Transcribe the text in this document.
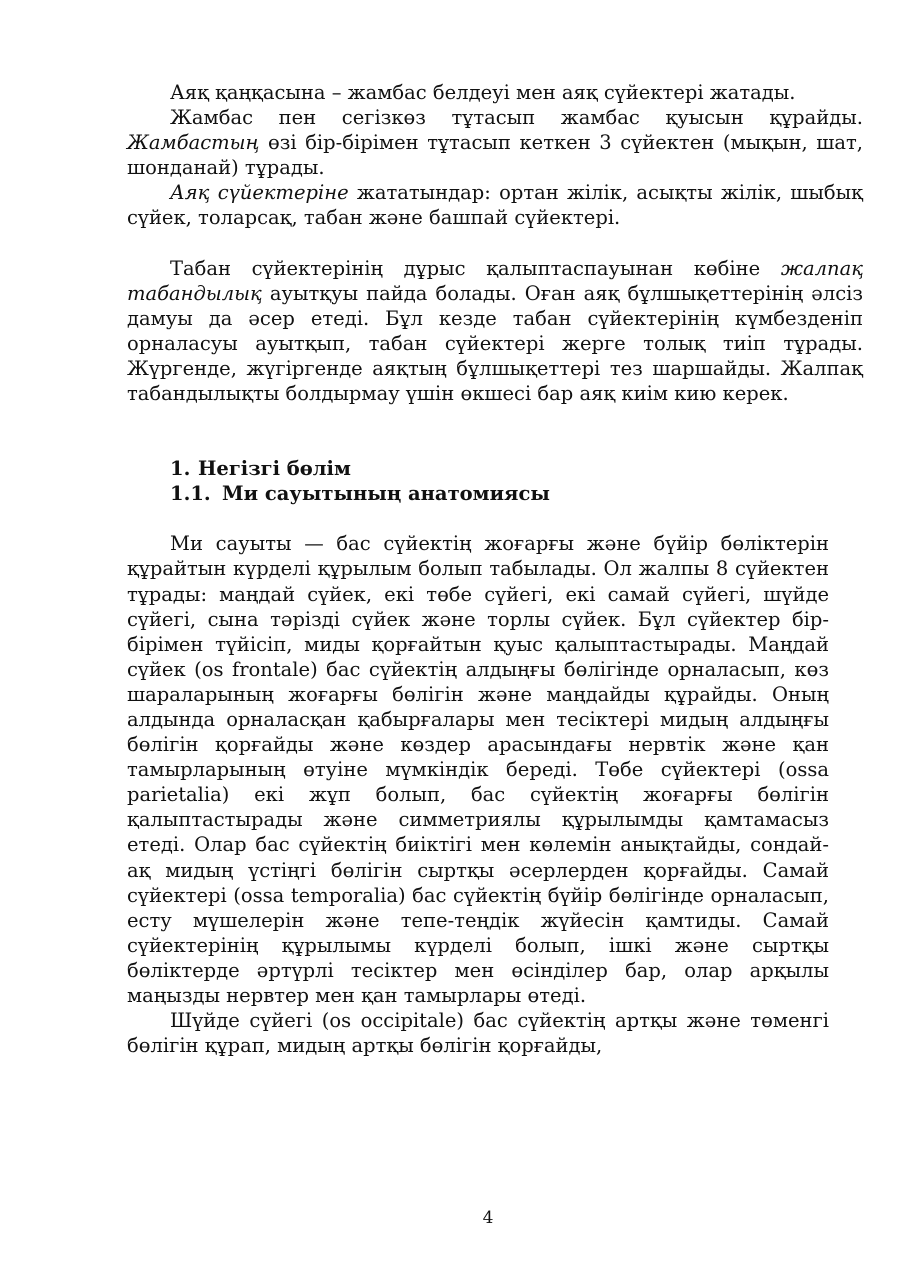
Аяқ қаңқасына – жамбас белдеуі мен аяқ сүйектері жатады.

Жамбас пен сегізкөз тұтасып жамбас қуысын құрайды. Жамбастың өзі бір-бірімен тұтасып кеткен 3 сүйектен (мықын, шат, шонданай) тұрады.

Аяқ сүйектеріне жататындар: ортан жілік, асықты жілік, шыбық сүйек, толарсақ, табан және башпай сүйектері.

Табан сүйектерінің дұрыс қалыптаспауынан көбіне жалпақ табандылық ауытқуы пайда болады. Оған аяқ бұлшықеттерінің әлсіз дамуы да әсер етеді. Бұл кезде табан сүйектерінің күмбезденіп орналасуы ауытқып, табан сүйектері жерге толық тиіп тұрады. Жүргенде, жүгіргенде аяқтың бұлшықеттері тез шаршайды. Жалпақ табандылықты болдырмау үшін өкшесі бар аяқ киім кию керек.

1. Негізгі бөлім

1.1. Ми сауытының анатомиясы

Ми сауыты — бас сүйектің жоғарғы және бүйір бөліктерін құрайтын күрделі құрылым болып табылады. Ол жалпы 8 сүйектен тұрады: маңдай сүйек, екі төбе сүйегі, екі самай сүйегі, шүйде сүйегі, сына тәрізді сүйек және торлы сүйек. Бұл сүйектер бір-бірімен түйісіп, миды қорғайтын қуыс қалыптастырады. Маңдай сүйек (os frontale) бас сүйектің алдыңғы бөлігінде орналасып, көз шараларының жоғарғы бөлігін және маңдайды құрайды. Оның алдында орналасқан қабырғалары мен тесіктері мидың алдыңғы бөлігін қорғайды және көздер арасындағы нервтік және қан тамырларының өтуіне мүмкіндік береді. Төбе сүйектері (ossa parietalia) екі жұп болып, бас сүйектің жоғарғы бөлігін қалыптастырады және симметриялы құрылымды қамтамасыз етеді. Олар бас сүйектің биіктігі мен көлемін анықтайды, сондай-ақ мидың үстіңгі бөлігін сыртқы әсерлерден қорғайды. Самай сүйектері (ossa temporalia) бас сүйектің бүйір бөлігінде орналасып, есту мүшелерін және тепе-теңдік жүйесін қамтиды. Самай сүйектерінің құрылымы күрделі болып, ішкі және сыртқы бөліктерде әртүрлі тесіктер мен өсінділер бар, олар арқылы маңызды нервтер мен қан тамырлары өтеді.

Шүйде сүйегі (os occipitale) бас сүйектің артқы және төменгі бөлігін құрап, мидың артқы бөлігін қорғайды,

4
